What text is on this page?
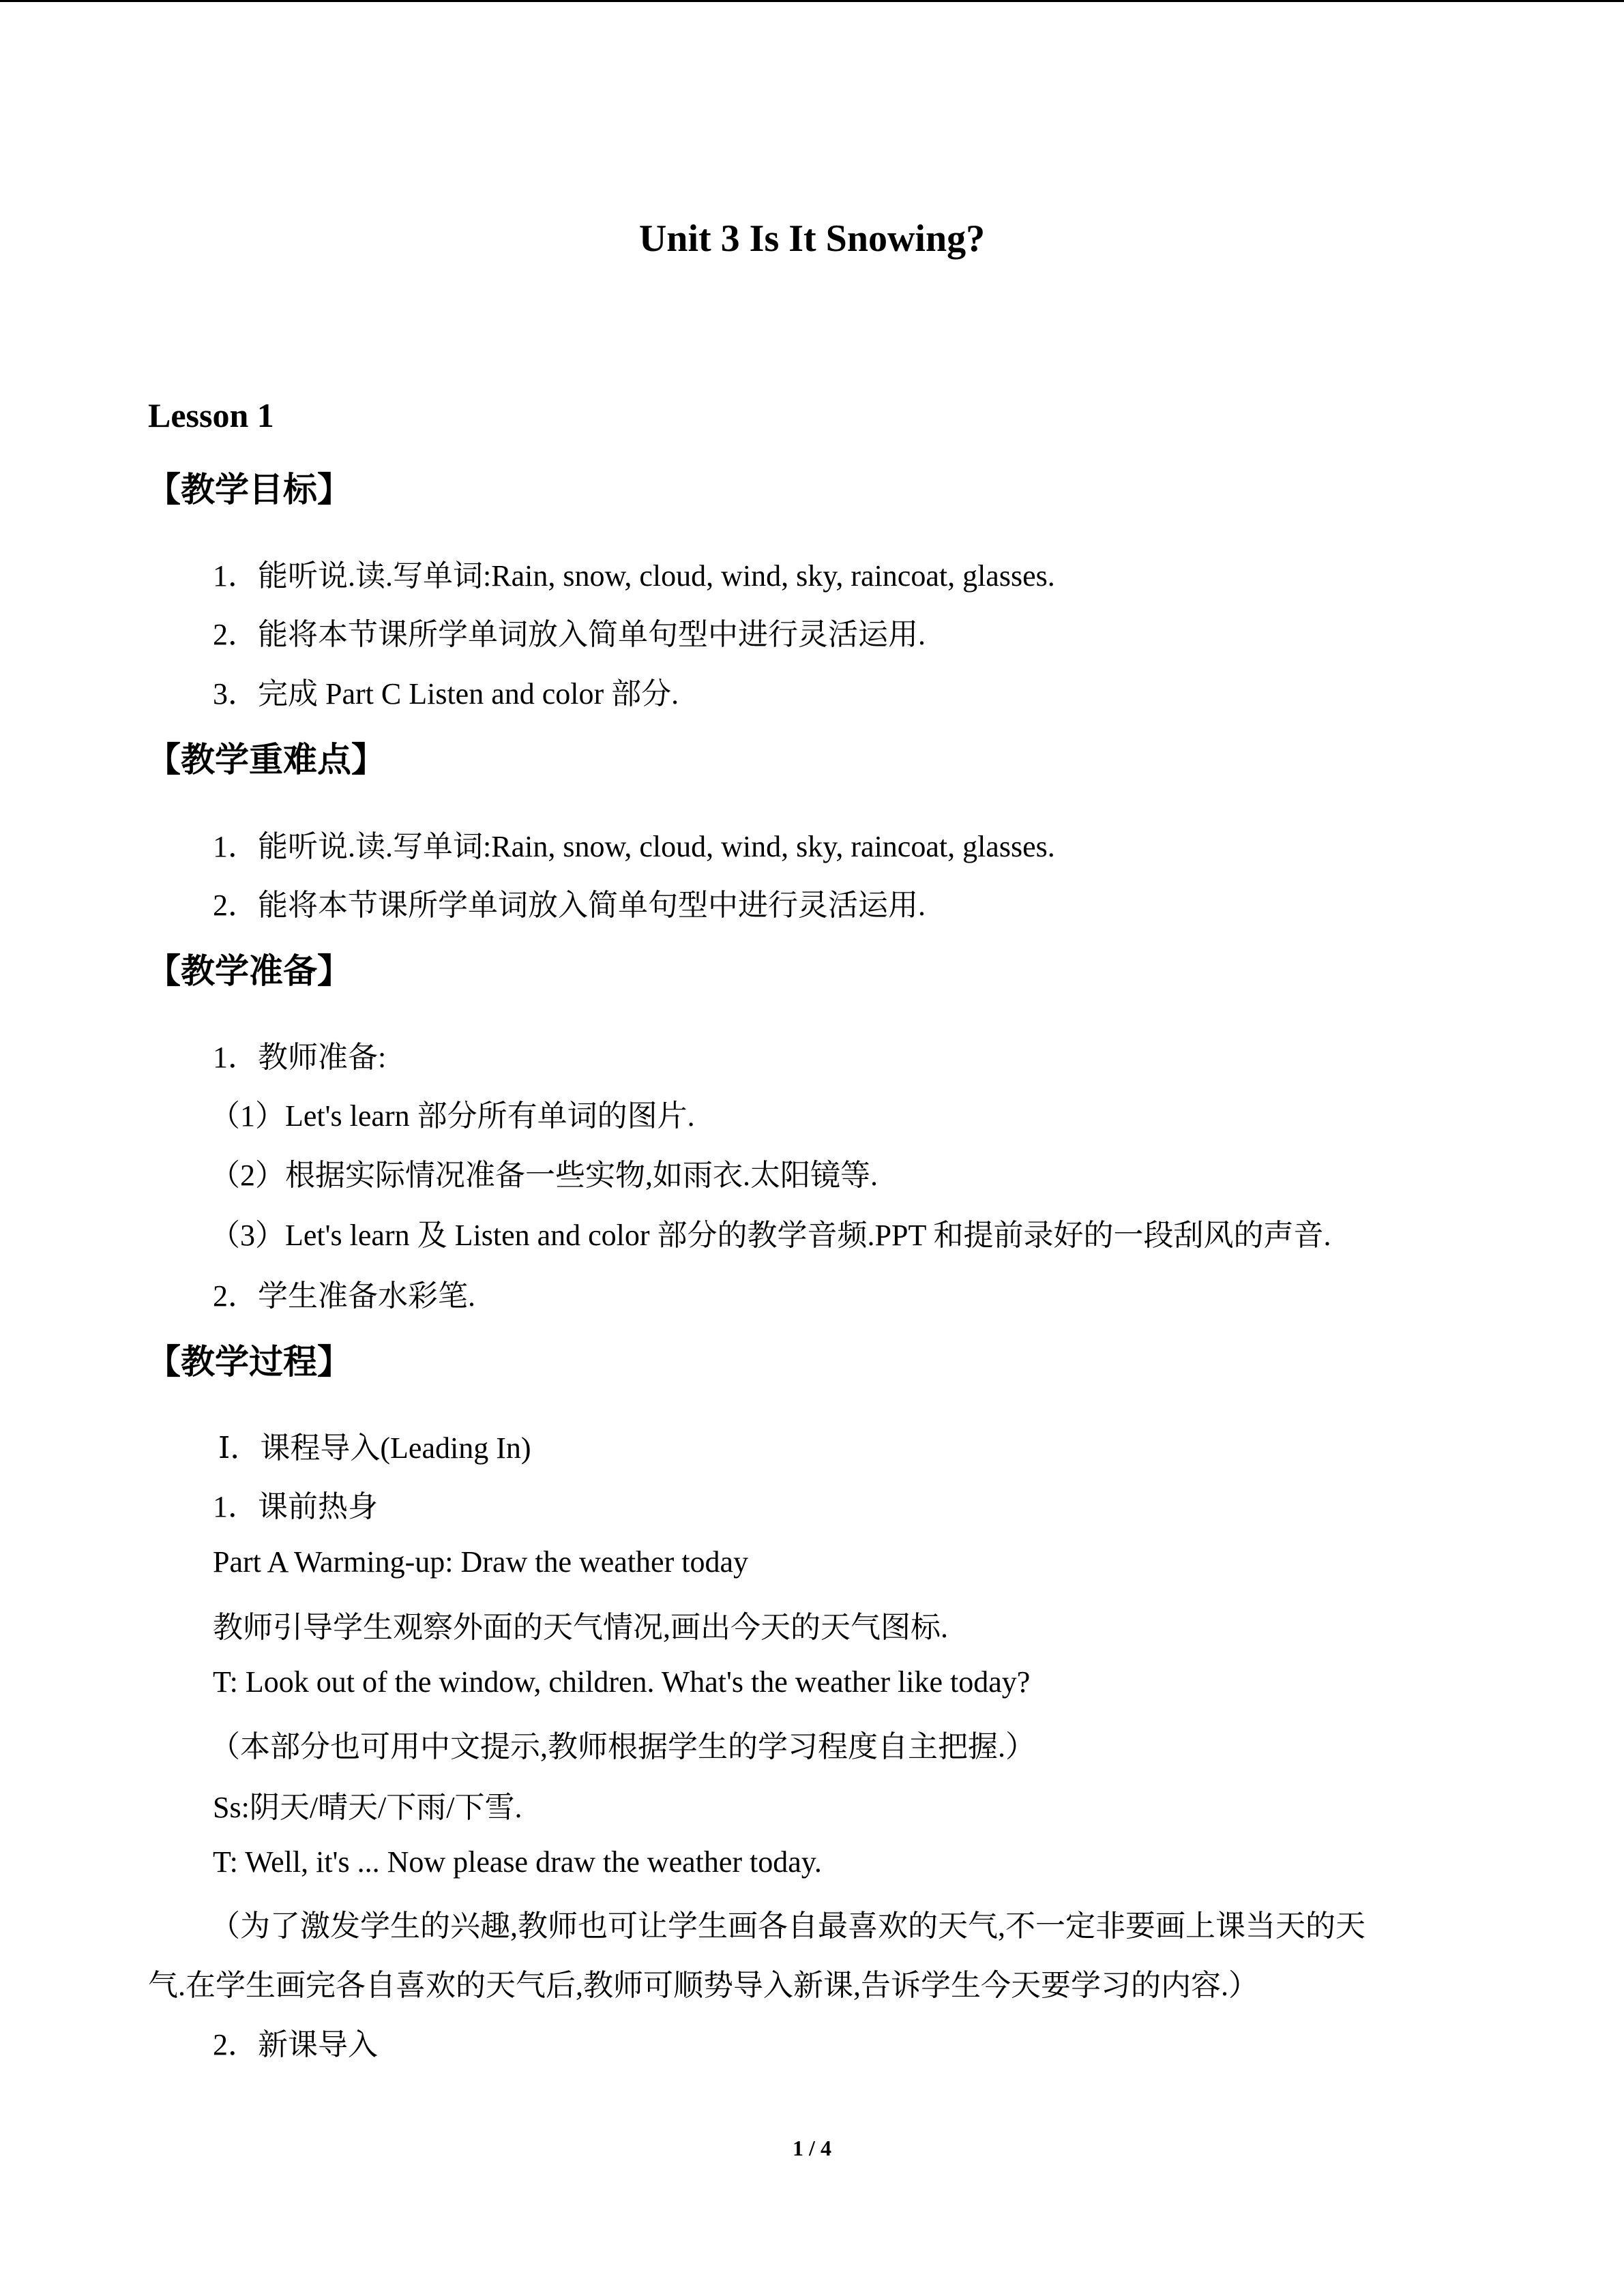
Unit 3 Is It Snowing?
Lesson 1
【教学目标】
1．能听说.读.写单词:Rain, snow, cloud, wind, sky, raincoat, glasses.
2．能将本节课所学单词放入简单句型中进行灵活运用.
3．完成 Part C Listen and color 部分.
【教学重难点】
1．能听说.读.写单词:Rain, snow, cloud, wind, sky, raincoat, glasses.
2．能将本节课所学单词放入简单句型中进行灵活运用.
【教学准备】
1．教师准备:
（1）Let's learn 部分所有单词的图片.
（2）根据实际情况准备一些实物,如雨衣.太阳镜等.
（3）Let's learn 及 Listen and color 部分的教学音频.PPT 和提前录好的一段刮风的声音.
2．学生准备水彩笔.
【教学过程】
Ⅰ．课程导入(Leading In)
1．课前热身
Part A Warming-up: Draw the weather today
教师引导学生观察外面的天气情况,画出今天的天气图标.
T: Look out of the window, children. What's the weather like today?
（本部分也可用中文提示,教师根据学生的学习程度自主把握.）
Ss:阴天/晴天/下雨/下雪.
T: Well, it's ... Now please draw the weather today.
（为了激发学生的兴趣,教师也可让学生画各自最喜欢的天气,不一定非要画上课当天的天
气.在学生画完各自喜欢的天气后,教师可顺势导入新课,告诉学生今天要学习的内容.）
2．新课导入
1 / 4
